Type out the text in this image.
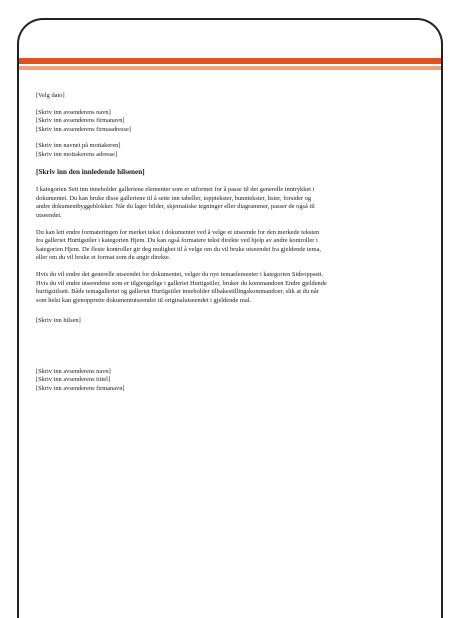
[Velg dato]
[Skriv inn avsenderens navn]
[Skriv inn avsenderens firmanavn]
[Skriv inn avsenderens firmaadresse]
[Skriv inn navnet på mottakeren]
[Skriv inn mottakerens adresse]
[Skriv inn den innledende hilsenen]
I kategorien Sett inn inneholder galleriene elementer som er utformet for å passe til det generelle inntrykket i
dokumentet. Du kan bruke disse galleriene til å sette inn tabeller, topptekster, bunntekster, lister, forsider og
andre dokumentbyggeblokker. Når du lager bilder, skjematiske tegninger eller diagrammer, passer de også til
utseendet.
Du kan lett endre formateringen for merket tekst i dokumentet ved å velge et utseende for den merkede teksten
fra galleriet Hurtigstiler i kategorien Hjem. Du kan også formatere tekst direkte ved hjelp av andre kontroller i
kategorien Hjem. De fleste kontroller gir deg mulighet til å velge om du vil bruke utseendet fra gjeldende tema,
eller om du vil bruke et format som du angir direkte.
Hvis du vil endre det generelle utseendet for dokumentet, velger du nye temaelementer i kategorien Sideoppsett.
Hvis du vil endre utseendene som er tilgjengelige i galleriet Hurtigstiler, bruker du kommandoen Endre gjeldende
hurtigstilsett. Både temagalleriet og galleriet Hurtigstiler inneholder tilbakestillingskommandoer, slik at du når
som helst kan gjenopprette dokumentutseendet til originalutseendet i gjeldende mal.
[Skriv inn hilsen]
[Skriv inn avsenderens navn]
[Skriv inn avsenderens tittel]
[Skriv inn avsenderens firmanavn]
